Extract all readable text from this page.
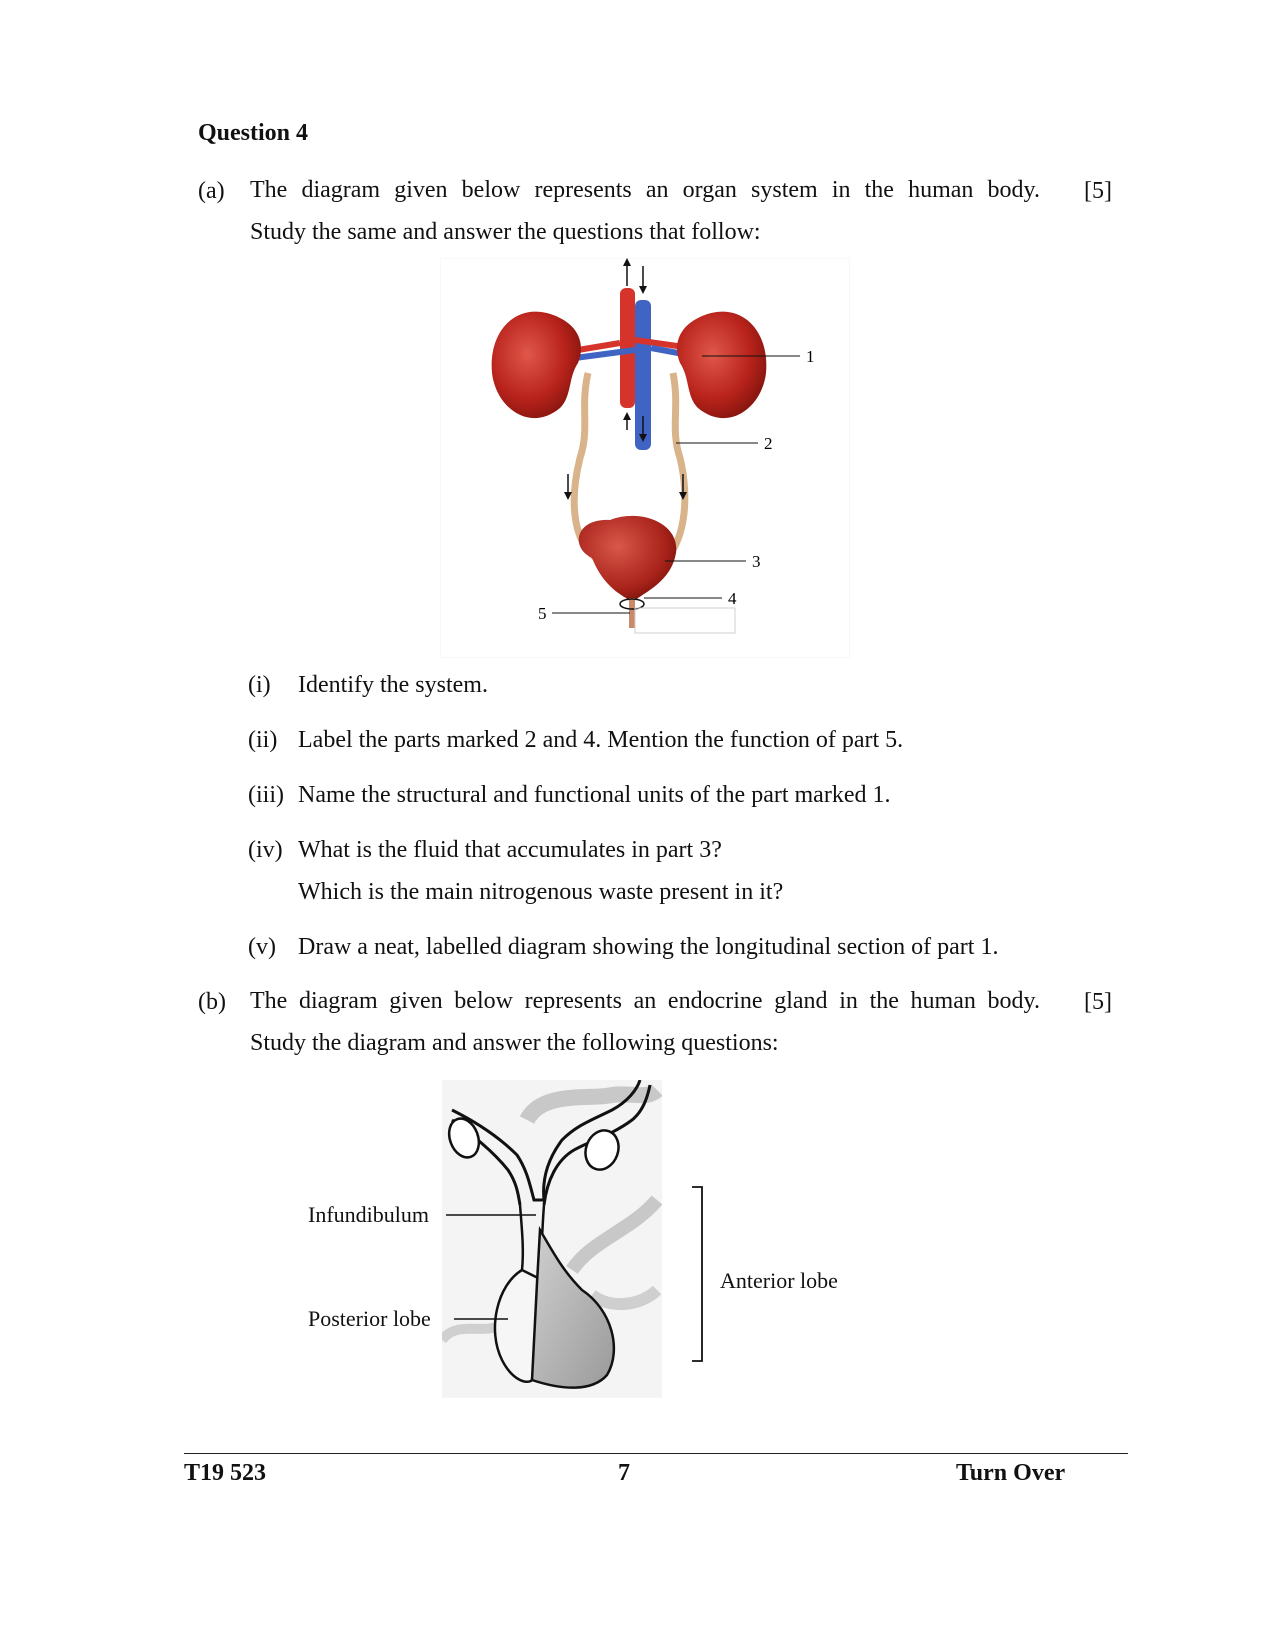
Question 4
(a) The diagram given below represents an organ system in the human body. [5]
Study the same and answer the questions that follow:
1
2
3
4
5
(i) Identify the system.
(ii) Label the parts marked 2 and 4. Mention the function of part 5.
(iii) Name the structural and functional units of the part marked 1.
(iv) What is the fluid that accumulates in part 3?
Which is the main nitrogenous waste present in it?
(v) Draw a neat, labelled diagram showing the longitudinal section of part 1.
(b) The diagram given below represents an endocrine gland in the human body. [5]
Study the diagram and answer the following questions:
Infundibulum
Posterior lobe
Anterior lobe
T19 523	7	Turn Over
